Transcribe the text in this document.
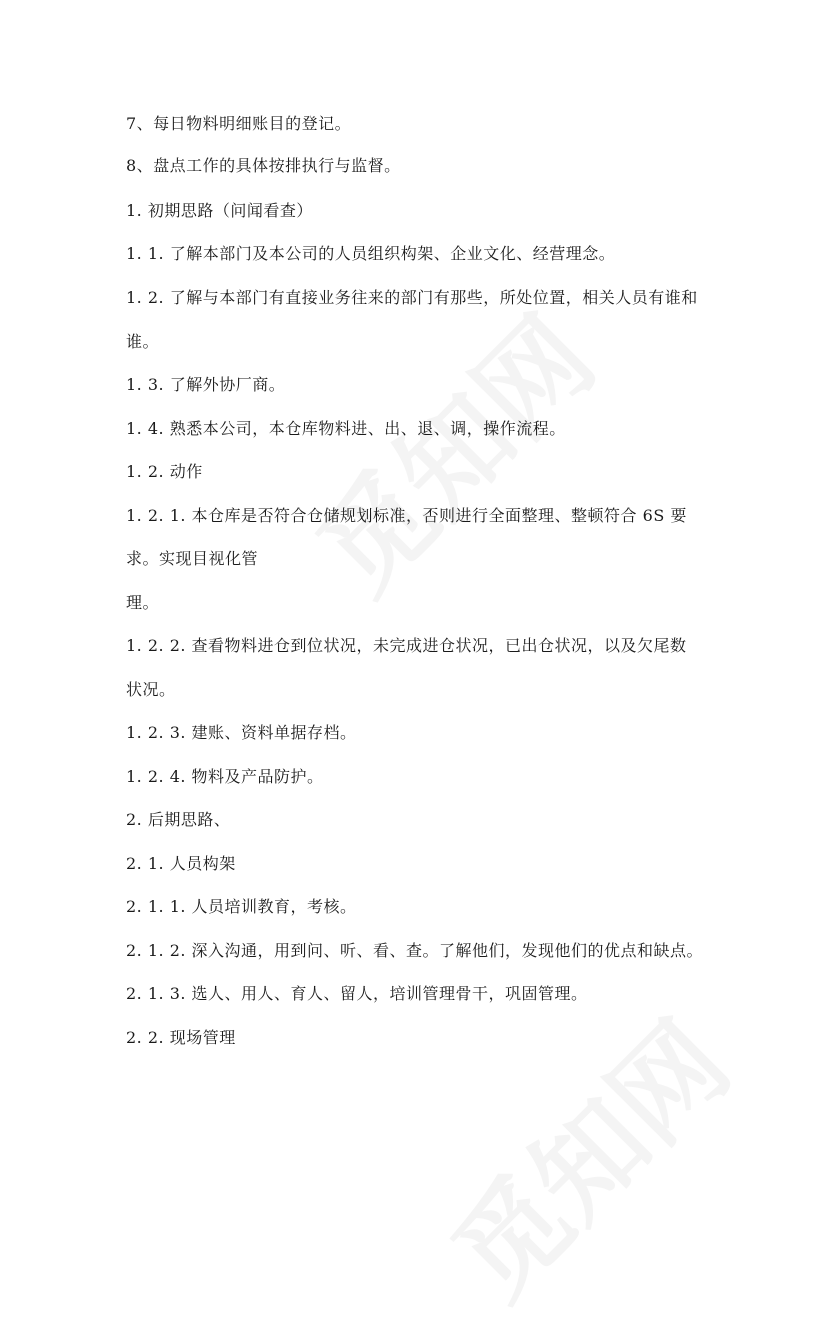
7、每日物料明细账目的登记。
8、盘点工作的具体按排执行与监督。
1. 初期思路（问闻看查）
1. 1. 了解本部门及本公司的人员组织构架、企业文化、经营理念。
1. 2. 了解与本部门有直接业务往来的部门有那些，所处位置，相关人员有谁和
谁。
1. 3. 了解外协厂商。
1. 4. 熟悉本公司，本仓库物料进、出、退、调，操作流程。
1. 2. 动作
1. 2. 1. 本仓库是否符合仓储规划标准，否则进行全面整理、整顿符合 6S 要
求。实现目视化管
理。
1. 2. 2. 查看物料进仓到位状况，未完成进仓状况，已出仓状况，以及欠尾数
状况。
1. 2. 3. 建账、资料单据存档。
1. 2. 4. 物料及产品防护。
2. 后期思路、
2. 1. 人员构架
2. 1. 1. 人员培训教育，考核。
2. 1. 2. 深入沟通，用到问、听、看、查。了解他们，发现他们的优点和缺点。
2. 1. 3. 选人、用人、育人、留人，培训管理骨干，巩固管理。
2. 2. 现场管理
